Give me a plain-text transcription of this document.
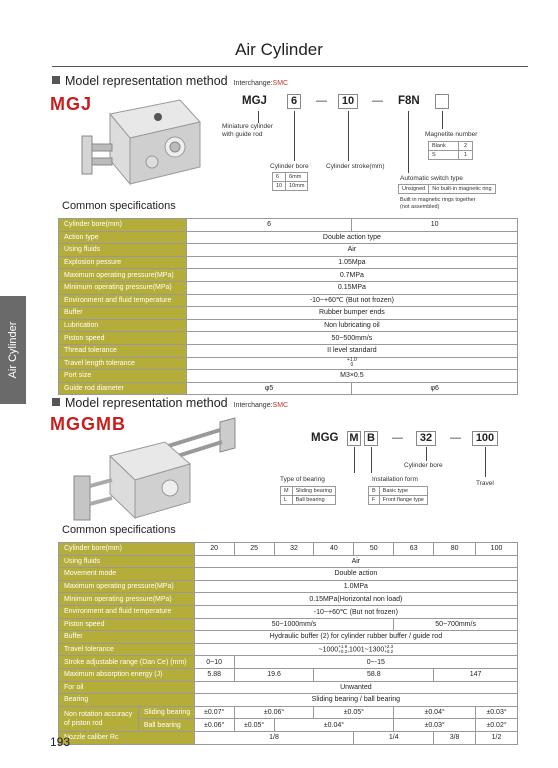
Air Cylinder
Air Cylinder
Model representation method Interchange:SMC
MGJ	MGJ	6	—	10	— F8N
Miniature cylinder
with guide rod
Cylinder bore	Cylinder stroke(mm)
Magnetite number
Automatic switch type
Built in magnetic rings together
(not assembled)
6	6mm
10	10mm
Blank	2
S	1
Unsigned	No built-in magnetic ring
Common specifications
Cylinder bore(mm)	6	10
Action type	Double action type	
Using fluids	Air	
Explosion pessure	1.05Mpa	
Maximum operating pressure(MPa)	0.7MPa	
Minimum operating pressure(MPa)	0.15MPa	
Environment and fluid temperature	-10~+60℃ (But not frozen)	
Buffer	Rubber bumper ends	
Lubrication	Non lubricating oil	
Piston speed	50~500mm/s	
Thread tolerance	II level standard	
Travel length tolerance	+1.0
0	
Port size	M3×0.5	
Guide rod diameter	φ5	φ6
Model representation method Interchange:SMC
MGGMB
MGG M B —	32	—	100
Cylinder bore
Type of bearing	Installation form
Travel
M	Sliding bearing
L	Ball bearing
B	Basic type
F	Front flange type
Common specifications
Cylinder bore(mm)		20	25	32	40	50	63	80	100
Using fluids		Air							
Movement mode		Double action							
Maximum operating pressure(MPa)		1.0MPa							
Minimum operating pressure(MPa)		0.15MPa(Horizontal non load)							
Environment and fluid temperature		-10~+60℃ (But not frozen)							
Piston speed		50~1000mm/s					50~700mm/s		
Buffer		Hydraulic buffer (2) for cylinder rubber buffer / guide rod							
Travel tolerance		~1000+1.9
+0.2,1001~1300+2.3
+0.2							
Stroke adjustable range (Dan Ce) (mm)		0~10	0~-15						
Maximum absorption energy (J)		5.88	19.6		58.8			147	
For oil		Unwanted							
Bearing		Sliding bearing / ball bearing							
Non rotation accuracy
of piston rod	Sliding bearing	±0.07°	±0.06°		±0.05°		±0.04°		±0.03°
	Ball bearing	±0.06°	±0.05°	±0.04°			±0.03°		±0.02°
Nozzle caliber Rc		1/8				1/4		3/8	1/2
193
